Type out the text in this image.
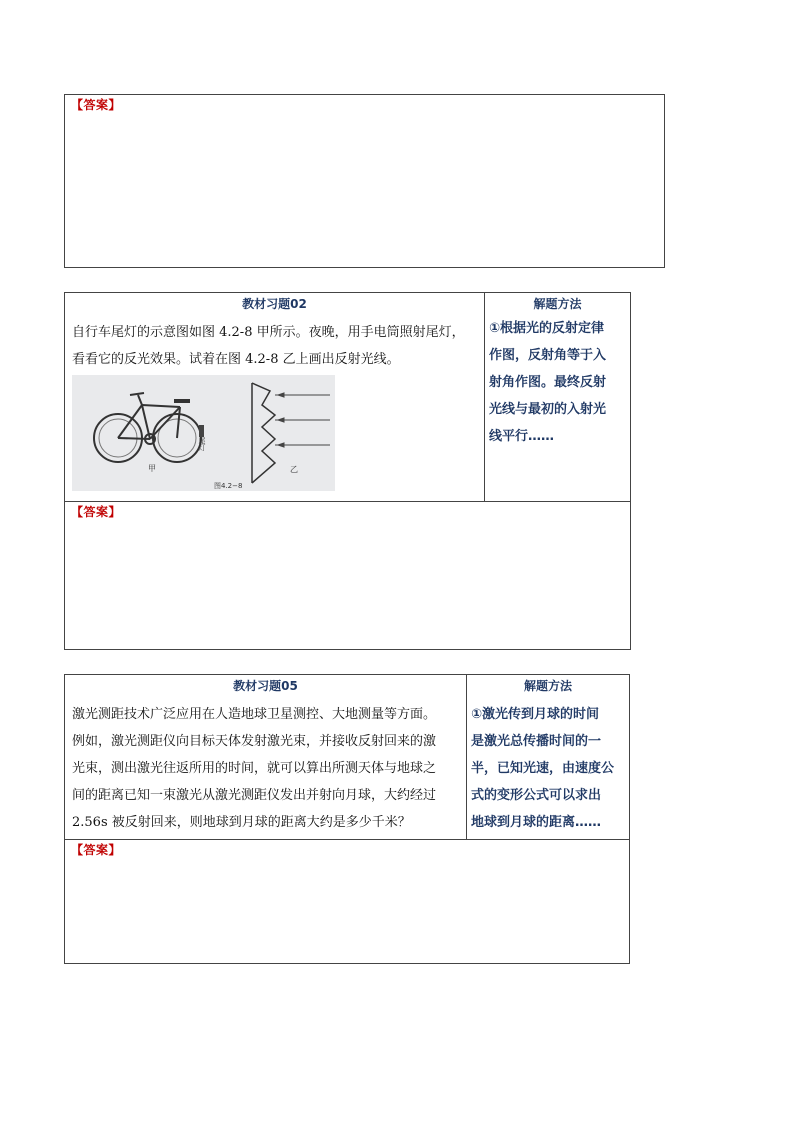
【答案】
教材习题02	解题方法
自行车尾灯的示意图如图 4.2-8 甲所示。夜晚，用手电筒照射尾灯，
看看它的反光效果。试着在图 4.2-8 乙上画出反射光线。
尾灯
甲
图4.2−8
乙
①根据光的反射定律
作图，反射角等于入
射角作图。最终反射
光线与最初的入射光
线平行……
【答案】
教材习题05	解题方法
激光测距技术广泛应用在人造地球卫星测控、大地测量等方面。
例如，激光测距仪向目标天体发射激光束，并接收反射回来的激
光束，测出激光往返所用的时间，就可以算出所测天体与地球之
间的距离已知一束激光从激光测距仪发出并射向月球，大约经过
2.56s 被反射回来，则地球到月球的距离大约是多少千米？
①激光传到月球的时间
是激光总传播时间的一
半，已知光速，由速度公
式的变形公式可以求出
地球到月球的距离……
【答案】
